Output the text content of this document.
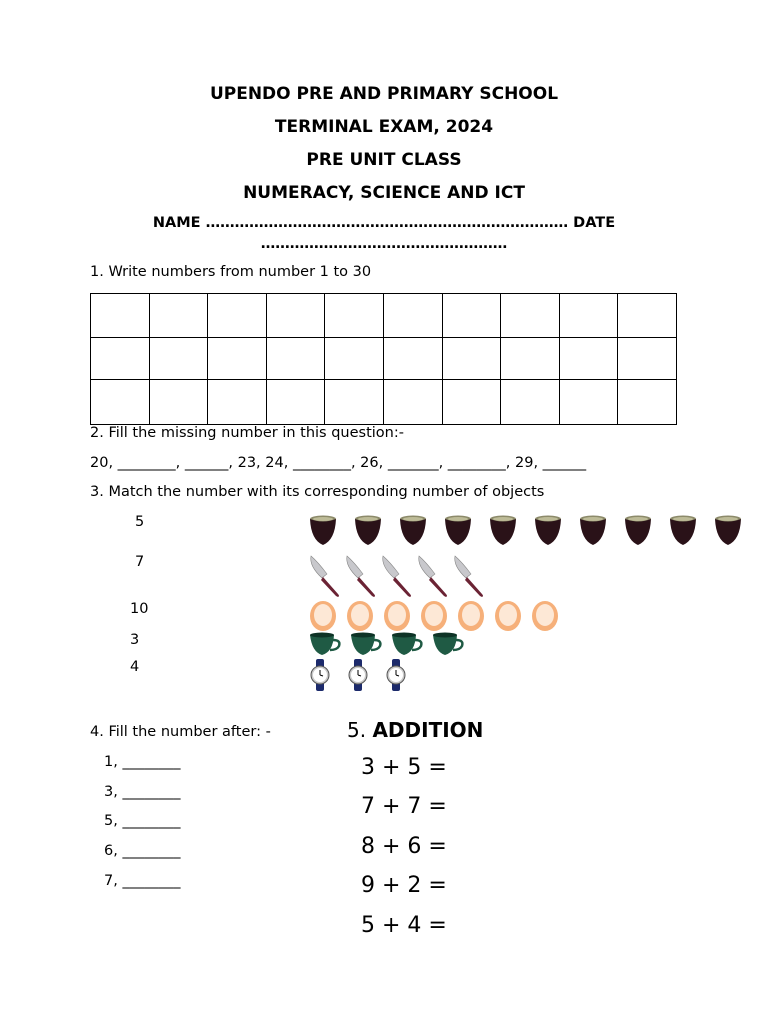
UPENDO PRE AND PRIMARY SCHOOL
TERMINAL EXAM, 2024
PRE UNIT CLASS
NUMERACY, SCIENCE AND ICT
NAME ………………………………………………………………… DATE ……………………………………………
1. Write numbers from number 1 to 30

2. Fill the missing number in this question:-
20, ________, ______, 23, 24, ________, 26, _______, ________, 29, ______
3. Match the number with its corresponding number of objects
5
7
10
3
4
4. Fill the number after: -
1, ________
3, ________
5, ________
6, ________
7, ________
5. ADDITION
3 + 5 =
7 + 7 =
8 + 6 =
9 + 2 =
5 + 4 =
